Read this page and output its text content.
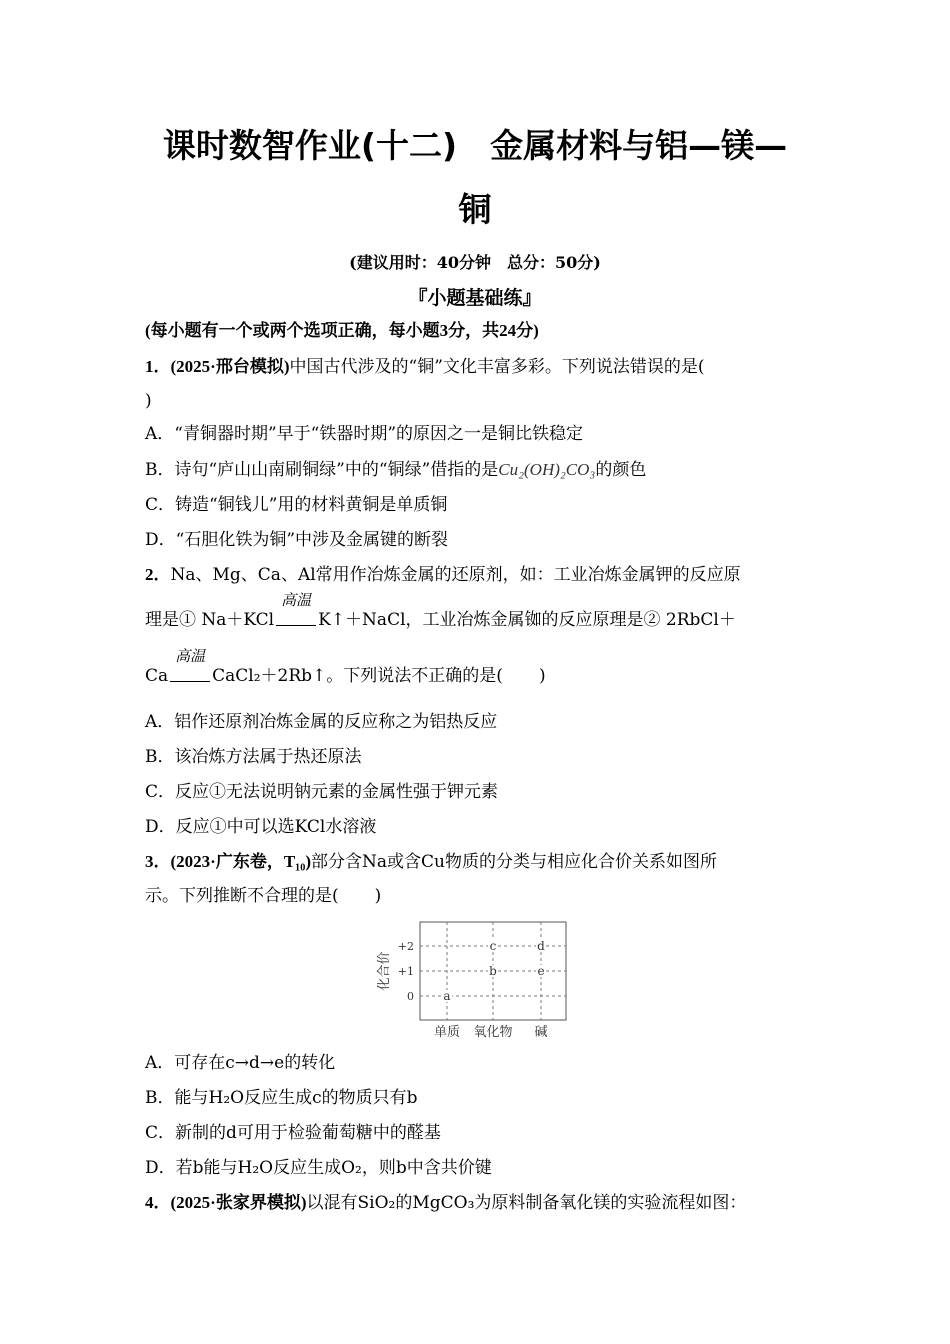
课时数智作业(十二)　金属材料与铝—镁—
铜
(建议用时：40分钟　总分：50分)
『小题基础练』
(每小题有一个或两个选项正确，每小题3分，共24分)
1．(2025·邢台模拟)中国古代涉及的“铜”文化丰富多彩。下列说法错误的是(
)
A．“青铜器时期”早于“铁器时期”的原因之一是铜比铁稳定
B．诗句“庐山山南刷铜绿”中的“铜绿”借指的是Cu₂(OH)₂CO₃的颜色
C．铸造“铜钱儿”用的材料黄铜是单质铜
D．“石胆化铁为铜”中涉及金属键的断裂
2．Na、Mg、Ca、Al常用作冶炼金属的还原剂，如：工业冶炼金属钾的反应原
理是① Na＋KCl
高温
K↑＋NaCl，工业冶炼金属铷的反应原理是② 2RbCl＋
Ca
高温
CaCl₂＋2Rb↑。下列说法不正确的是( )
A．铝作还原剂冶炼金属的反应称之为铝热反应
B．该冶炼方法属于热还原法
C．反应①无法说明钠元素的金属性强于钾元素
D．反应①中可以选KCl水溶液
3．(2023·广东卷，T₁₀)部分含Na或含Cu物质的分类与相应化合价关系如图所
示。下列推断不合理的是( )
+2
+1
0
单质 氧化物 碱
a
b
c	d
e
化合价
A．可存在c→d→e的转化
B．能与H₂O反应生成c的物质只有b
C．新制的d可用于检验葡萄糖中的醛基
D．若b能与H₂O反应生成O₂，则b中含共价键
4．(2025·张家界模拟)以混有SiO₂的MgCO₃为原料制备氧化镁的实验流程如图：
